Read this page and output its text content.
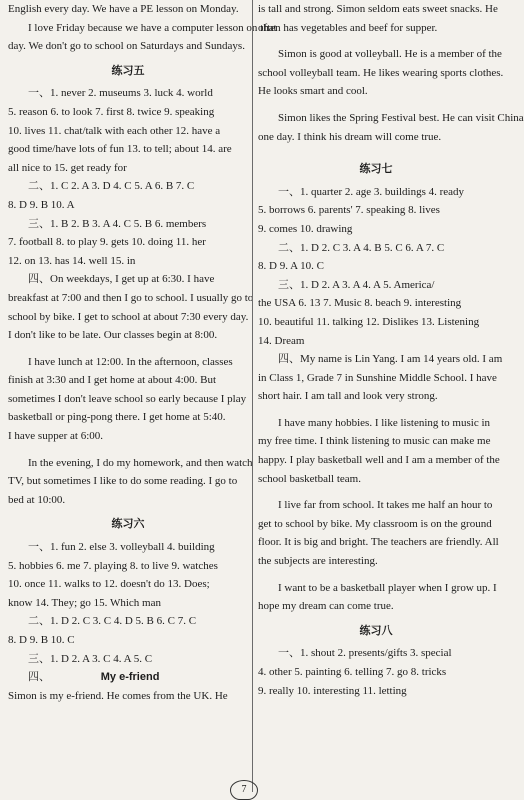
English every day. We have a PE lesson on Monday.
I love Friday because we have a computer lesson on that
day. We don't go to school on Saturdays and Sundays.
练习五
一、1. never 2. museums 3. luck 4. world
5. reason 6. to look 7. first 8. twice 9. speaking
10. lives 11. chat/talk with each other 12. have a
good time/have lots of fun 13. to tell; about 14. are
all nice to 15. get ready for
二、1. C 2. A 3. D 4. C 5. A 6. B 7. C
8. D 9. B 10. A
三、1. B 2. B 3. A 4. C 5. B 6. members
7. football 8. to play 9. gets 10. doing 11. her
12. on 13. has 14. well 15. in
四、On weekdays, I get up at 6:30. I have
breakfast at 7:00 and then I go to school. I usually go to
school by bike. I get to school at about 7:30 every day.
I don't like to be late. Our classes begin at 8:00.
I have lunch at 12:00. In the afternoon, classes
finish at 3:30 and I get home at about 4:00. But
sometimes I don't leave school so early because I play
basketball or ping-pong there. I get home at 5:40.
I have supper at 6:00.
In the evening, I do my homework, and then watch
TV, but sometimes I like to do some reading. I go to
bed at 10:00.
练习六
一、1. fun 2. else 3. volleyball 4. building
5. hobbies 6. me 7. playing 8. to live 9. watches
10. once 11. walks to 12. doesn't do 13. Does;
know 14. They; go 15. Which man
二、1. D 2. C 3. C 4. D 5. B 6. C 7. C
8. D 9. B 10. C
三、1. D 2. A 3. C 4. A 5. C
四、	My e-friend
Simon is my e-friend. He comes from the UK. He
is tall and strong. Simon seldom eats sweet snacks. He
often has vegetables and beef for supper.
Simon is good at volleyball. He is a member of the
school volleyball team. He likes wearing sports clothes.
He looks smart and cool.
Simon likes the Spring Festival best. He can visit China
one day. I think his dream will come true.
练习七
一、1. quarter 2. age 3. buildings 4. ready
5. borrows 6. parents' 7. speaking 8. lives
9. comes 10. drawing
二、1. D 2. C 3. A 4. B 5. C 6. A 7. C
8. D 9. A 10. C
三、1. D 2. A 3. A 4. A 5. America/
the USA 6. 13 7. Music 8. beach 9. interesting
10. beautiful 11. talking 12. Dislikes 13. Listening
14. Dream
四、My name is Lin Yang. I am 14 years old. I am
in Class 1, Grade 7 in Sunshine Middle School. I have
short hair. I am tall and look very strong.
I have many hobbies. I like listening to music in
my free time. I think listening to music can make me
happy. I play basketball well and I am a member of the
school basketball team.
I live far from school. It takes me half an hour to
get to school by bike. My classroom is on the ground
floor. It is big and bright. The teachers are friendly. All
the subjects are interesting.
I want to be a basketball player when I grow up. I
hope my dream can come true.
练习八
一、1. shout 2. presents/gifts 3. special
4. other 5. painting 6. telling 7. go 8. tricks
9. really 10. interesting 11. letting
7
